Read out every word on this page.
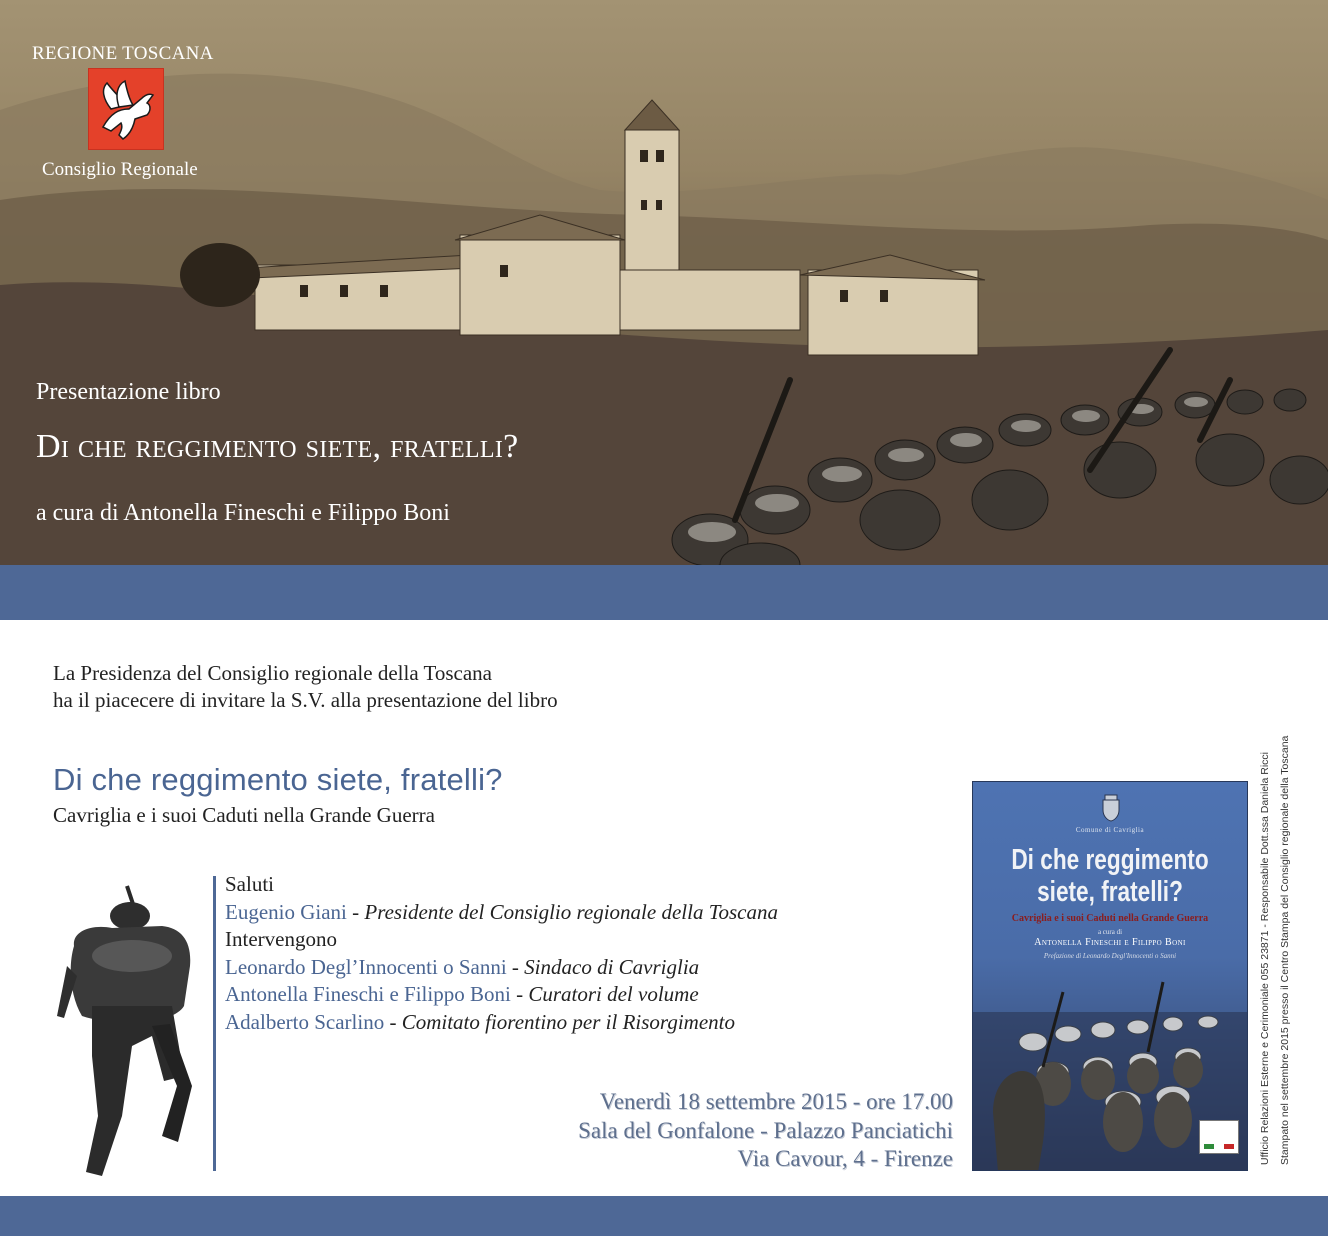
REGIONE TOSCANA
Consiglio Regionale
Presentazione libro
Di che reggimento siete, fratelli?
a cura di Antonella Fineschi e Filippo Boni
La Presidenza del Consiglio regionale della Toscana
ha il piacecere di invitare la S.V. alla presentazione del libro
Di che reggimento siete, fratelli?
Cavriglia e i suoi Caduti nella Grande Guerra
Saluti
Eugenio Giani - Presidente del Consiglio regionale della Toscana
Intervengono
Leonardo Degl’Innocenti o Sanni - Sindaco di Cavriglia
Antonella Fineschi e Filippo Boni - Curatori del volume
Adalberto Scarlino - Comitato fiorentino per il Risorgimento
Venerdì 18 settembre 2015 - ore 17.00
Sala del Gonfalone - Palazzo Panciatichi
Via Cavour, 4 - Firenze
Comune di Cavriglia
Di che reggimento
siete, fratelli?
Cavriglia e i suoi Caduti nella Grande Guerra
a cura di
Antonella Fineschi e Filippo Boni
Prefazione di Leonardo Degl'Innocenti o Sanni	Ufficio Relazioni Esterne e Cerimoniale 055 23871 - Responsabile Dott.ssa Daniela Ricci Stampato nel settembre 2015 presso il Centro Stampa del Consiglio regionale della Toscana
